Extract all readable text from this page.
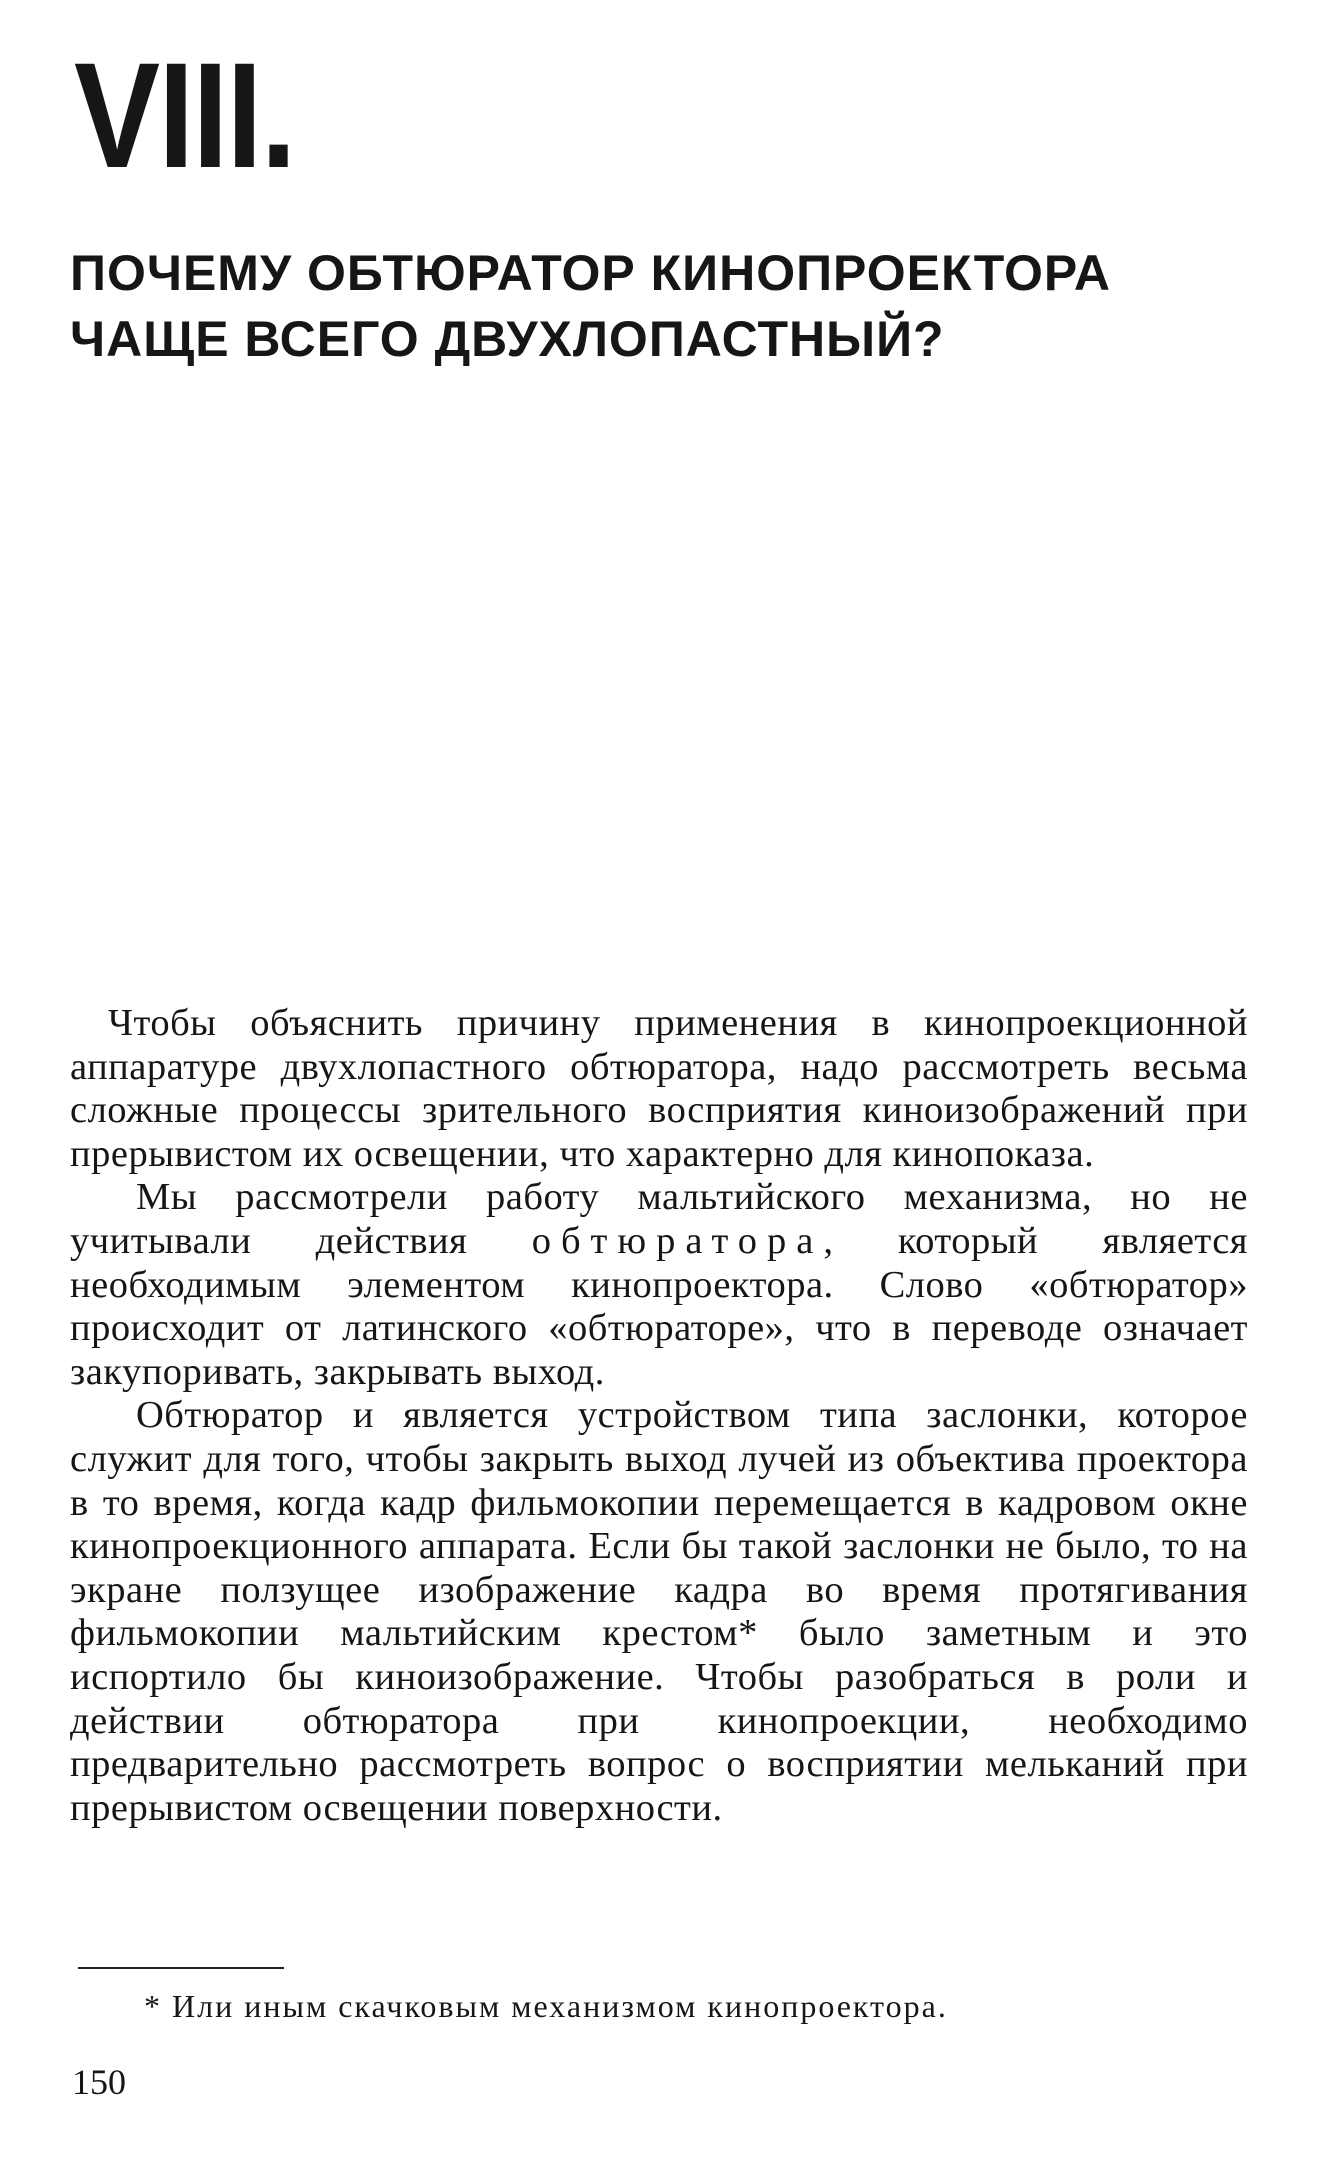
VIII.
ПОЧЕМУ ОБТЮРАТОР КИНОПРОЕКТОРА
ЧАЩЕ ВСЕГО ДВУХЛОПАСТНЫЙ?

Чтобы объяснить причину применения в кинопроекционной аппаратуре двухлопастного обтюратора, надо рассмотреть весьма сложные процессы зрительного восприятия киноизображений при прерывистом их освещении, что характерно для кинопоказа.

Мы рассмотрели работу мальтийского механизма, но не учитывали действия обтюратора, который является необходимым элементом кинопроектора. Слово «обтюратор» происходит от латинского «обтюраторе», что в переводе означает закупоривать, закрывать выход.

Обтюратор и является устройством типа заслонки, которое служит для того, чтобы закрыть выход лучей из объектива проектора в то время, когда кадр фильмокопии перемещается в кадровом окне кинопроекционного аппарата. Если бы такой заслонки не было, то на экране ползущее изображение кадра во время протягивания фильмокопии мальтийским крестом* было заметным и это испортило бы киноизображение. Чтобы разобраться в роли и действии обтюратора при кинопроекции, необходимо предварительно рассмотреть вопрос о восприятии мельканий при прерывистом освещении поверхности.

* Или иным скачковым механизмом кинопроектора.

150
